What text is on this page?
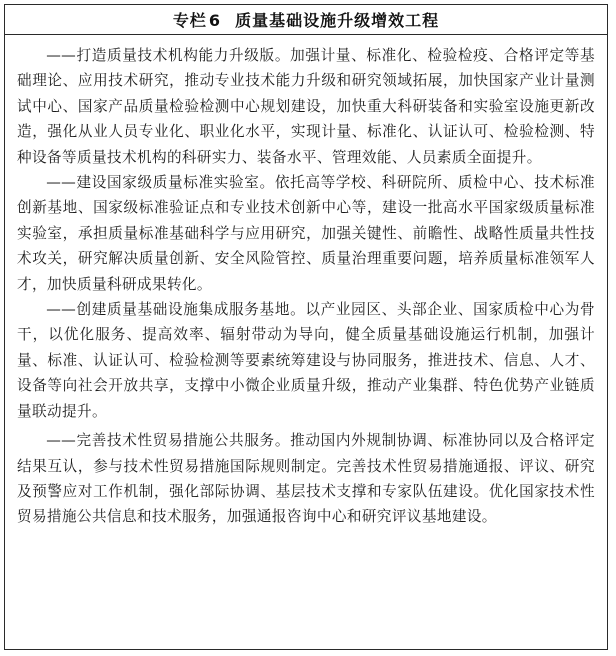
专栏 6 质量基础设施升级增效工程

——打造质量技术机构能力升级版。加强计量、标准化、检验检疫、合格评定等基础理论、应用技术研究，推动专业技术能力升级和研究领域拓展，加快国家产业计量测试中心、国家产品质量检验检测中心规划建设，加快重大科研装备和实验室设施更新改造，强化从业人员专业化、职业化水平，实现计量、标准化、认证认可、检验检测、特种设备等质量技术机构的科研实力、装备水平、管理效能、人员素质全面提升。

——建设国家级质量标准实验室。依托高等学校、科研院所、质检中心、技术标准创新基地、国家级标准验证点和专业技术创新中心等，建设一批高水平国家级质量标准实验室，承担质量标准基础科学与应用研究，加强关键性、前瞻性、战略性质量共性技术攻关，研究解决质量创新、安全风险管控、质量治理重要问题，培养质量标准领军人才，加快质量科研成果转化。

——创建质量基础设施集成服务基地。以产业园区、头部企业、国家质检中心为骨干，以优化服务、提高效率、辐射带动为导向，健全质量基础设施运行机制，加强计量、标准、认证认可、检验检测等要素统筹建设与协同服务，推进技术、信息、人才、设备等向社会开放共享，支撑中小微企业质量升级，推动产业集群、特色优势产业链质量联动提升。

——完善技术性贸易措施公共服务。推动国内外规制协调、标准协同以及合格评定结果互认，参与技术性贸易措施国际规则制定。完善技术性贸易措施通报、评议、研究及预警应对工作机制，强化部际协调、基层技术支撑和专家队伍建设。优化国家技术性贸易措施公共信息和技术服务，加强通报咨询中心和研究评议基地建设。
